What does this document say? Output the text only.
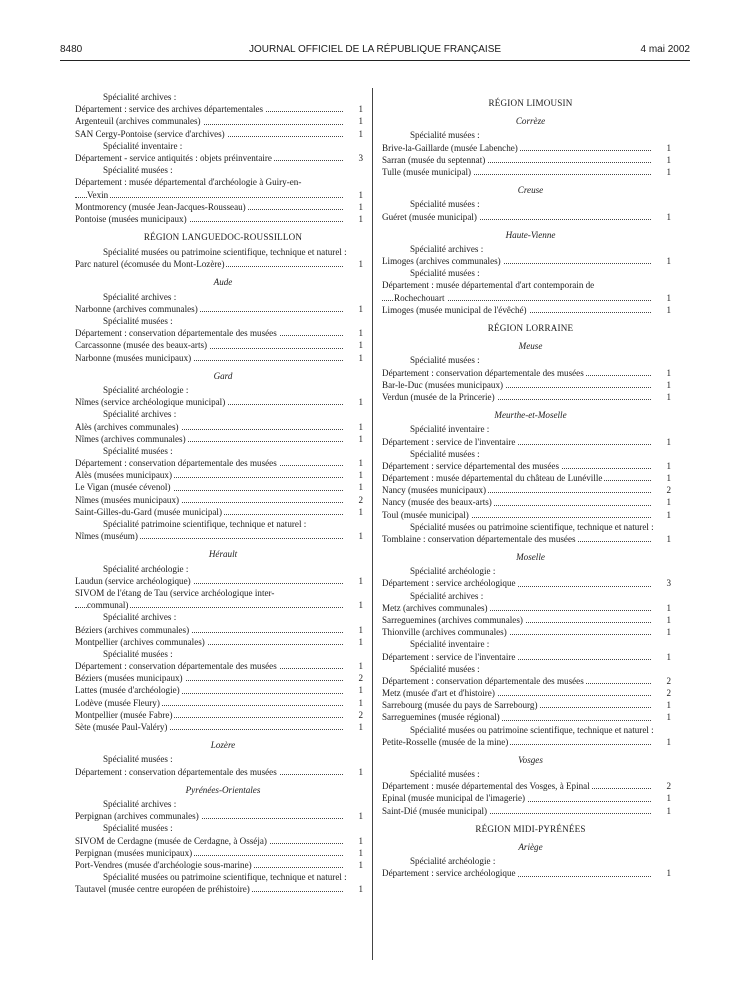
8480	JOURNAL OFFICIEL DE LA RÉPUBLIQUE FRANÇAISE	4 mai 2002
Spécialité archives :
Département : service des archives départementales	1
Argenteuil (archives communales)	1
SAN Cergy-Pontoise (service d'archives)	1
Spécialité inventaire :
Département - service antiquités : objets préinventaire	3
Spécialité musées :
Département : musée départemental d'archéologie à Guiry-en-
Vexin	1
Montmorency (musée Jean-Jacques-Rousseau)	1
Pontoise (musées municipaux)	1
RÉGION LANGUEDOC-ROUSSILLON
Spécialité musées ou patrimoine scientifique, technique et naturel :
Parc naturel (écomusée du Mont-Lozère)	1
Aude
Spécialité archives :
Narbonne (archives communales)	1
Spécialité musées :
Département : conservation départementale des musées	1
Carcassonne (musée des beaux-arts)	1
Narbonne (musées municipaux)	1
Gard
Spécialité archéologie :
Nîmes (service archéologique municipal)	1
Spécialité archives :
Alès (archives communales)	1
Nîmes (archives communales)	1
Spécialité musées :
Département : conservation départementale des musées	1
Alès (musées municipaux)	1
Le Vigan (musée cévenol)	1
Nîmes (musées municipaux)	2
Saint-Gilles-du-Gard (musée municipal)	1
Spécialité patrimoine scientifique, technique et naturel :
Nîmes (muséum)	1
Hérault
Spécialité archéologie :
Laudun (service archéologique)	1
SIVOM de l'étang de Tau (service archéologique inter-
communal)	1
Spécialité archives :
Béziers (archives communales)	1
Montpellier (archives communales)	1
Spécialité musées :
Département : conservation départementale des musées	1
Béziers (musées municipaux)	2
Lattes (musée d'archéologie)	1
Lodève (musée Fleury)	1
Montpellier (musée Fabre)	2
Sète (musée Paul-Valéry)	1
Lozère
Spécialité musées :
Département : conservation départementale des musées	1
Pyrénées-Orientales
Spécialité archives :
Perpignan (archives communales)	1
Spécialité musées :
SIVOM de Cerdagne (musée de Cerdagne, à Osséja)	1
Perpignan (musées municipaux)	1
Port-Vendres (musée d'archéologie sous-marine)	1
Spécialité musées ou patrimoine scientifique, technique et naturel :
Tautavel (musée centre européen de préhistoire)	1
RÉGION LIMOUSIN
Corrèze
Spécialité musées :
Brive-la-Gaillarde (musée Labenche)	1
Sarran (musée du septennat)	1
Tulle (musée municipal)	1
Creuse
Spécialité musées :
Guéret (musée municipal)	1
Haute-Vienne
Spécialité archives :
Limoges (archives communales)	1
Spécialité musées :
Département : musée départemental d'art contemporain de
Rochechouart	1
Limoges (musée municipal de l'évêché)	1
RÉGION LORRAINE
Meuse
Spécialité musées :
Département : conservation départementale des musées	1
Bar-le-Duc (musées municipaux)	1
Verdun (musée de la Princerie)	1
Meurthe-et-Moselle
Spécialité inventaire :
Département : service de l'inventaire	1
Spécialité musées :
Département : service départemental des musées	1
Département : musée départemental du château de Lunéville	1
Nancy (musées municipaux)	2
Nancy (musée des beaux-arts)	1
Toul (musée municipal)	1
Spécialité musées ou patrimoine scientifique, technique et naturel :
Tomblaine : conservation départementale des musées	1
Moselle
Spécialité archéologie :
Département : service archéologique	3
Spécialité archives :
Metz (archives communales)	1
Sarreguemines (archives communales)	1
Thionville (archives communales)	1
Spécialité inventaire :
Département : service de l'inventaire	1
Spécialité musées :
Département : conservation départementale des musées	2
Metz (musée d'art et d'histoire)	2
Sarrebourg (musée du pays de Sarrebourg)	1
Sarreguemines (musée régional)	1
Spécialité musées ou patrimoine scientifique, technique et naturel :
Petite-Rosselle (musée de la mine)	1
Vosges
Spécialité musées :
Département : musée départemental des Vosges, à Epinal	2
Epinal (musée municipal de l'imagerie)	1
Saint-Dié (musée municipal)	1
RÉGION MIDI-PYRÉNÉES
Ariège
Spécialité archéologie :
Département : service archéologique	1
